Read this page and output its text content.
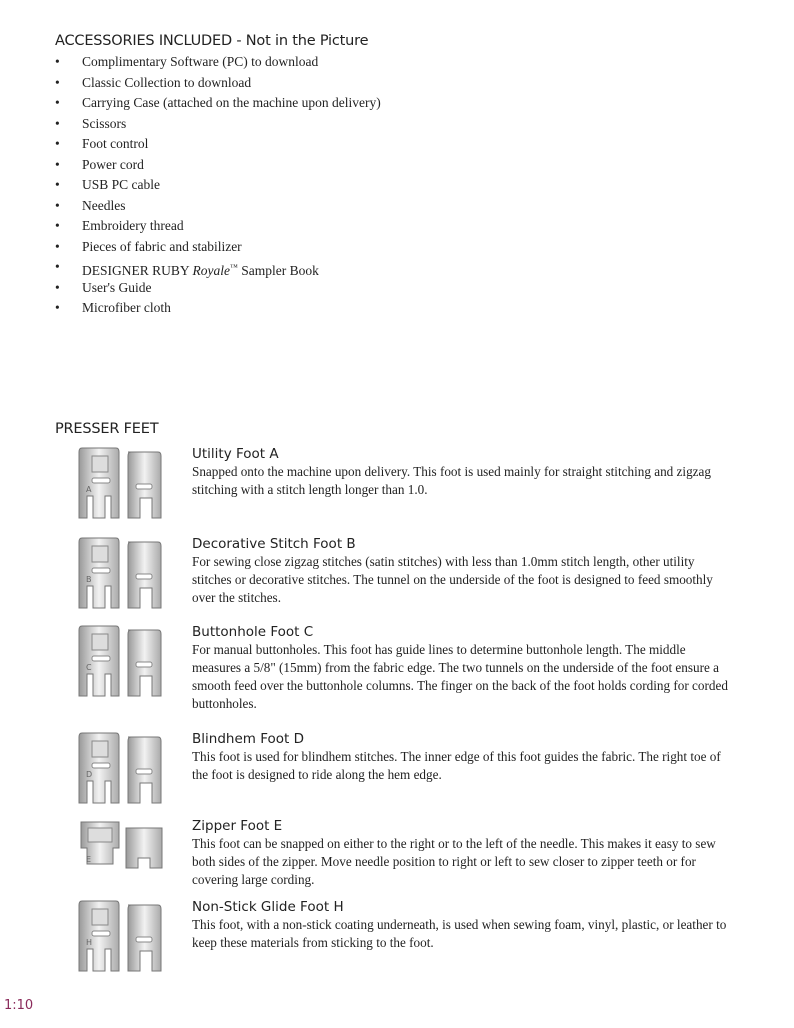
ACCESSORIES INCLUDED - Not in the Picture
• Complimentary Software (PC) to download
• Classic Collection to download
• Carrying Case (attached on the machine upon delivery)
• Scissors
• Foot control
• Power cord
• USB PC cable
• Needles
• Embroidery thread
• Pieces of fabric and stabilizer
• DESIGNER RUBY Royale™ Sampler Book
• User's Guide
• Microfiber cloth
PRESSER FEET
A

Utility Foot A

Snapped onto the machine upon delivery. This foot is used mainly for straight stitching and zigzag stitching with a stitch length longer than 1.0.

B

Decorative Stitch Foot B

For sewing close zigzag stitches (satin stitches) with less than 1.0mm stitch length, other utility stitches or decorative stitches. The tunnel on the underside of the foot is designed to feed smoothly over the stitches.

C

Buttonhole Foot C

For manual buttonholes. This foot has guide lines to determine buttonhole length. The middle measures a 5/8" (15mm) from the fabric edge. The two tunnels on the underside of the foot ensure a smooth feed over the buttonhole columns. The finger on the back of the foot holds cording for corded buttonholes.

D

Blindhem Foot D

This foot is used for blindhem stitches. The inner edge of this foot guides the fabric. The right toe of the foot is designed to ride along the hem edge.

E

Zipper Foot E

This foot can be snapped on either to the right or to the left of the needle. This makes it easy to sew both sides of the zipper. Move needle position to right or left to sew closer to zipper teeth or for covering large cording.

H

Non-Stick Glide Foot H

This foot, with a non-stick coating underneath, is used when sewing foam, vinyl, plastic, or leather to keep these materials from sticking to the foot.

1:10
